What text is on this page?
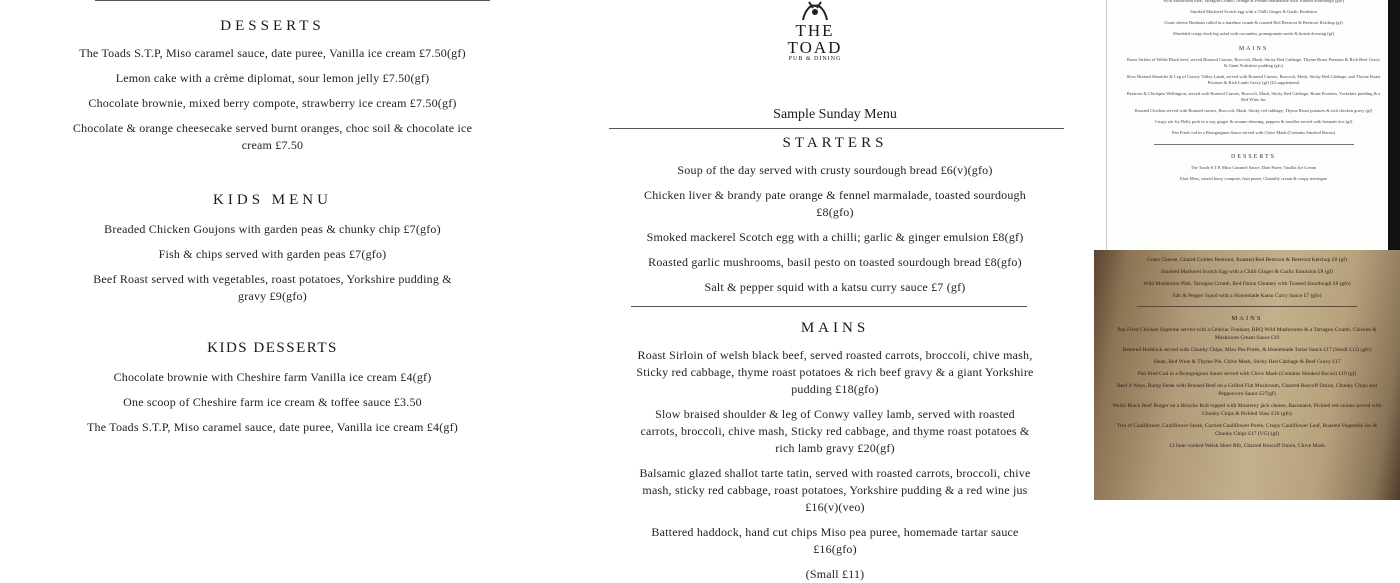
DESSERTS
The Toads S.T.P, Miso caramel sauce, date puree, Vanilla ice cream £7.50(gf)
Lemon cake with a crème diplomat, sour lemon jelly £7.50(gf)
Chocolate brownie, mixed berry compote, strawberry ice cream £7.50(gf)
Chocolate & orange cheesecake served burnt oranges, choc soil & chocolate ice cream £7.50
KIDS MENU
Breaded Chicken Goujons with garden peas & chunky chip £7(gfo)
Fish & chips served with garden peas £7(gfo)
Beef Roast served with vegetables, roast potatoes, Yorkshire pudding & gravy £9(gfo)
KIDS DESSERTS
Chocolate brownie with Cheshire farm Vanilla ice cream £4(gf)
One scoop of Cheshire farm ice cream & toffee sauce £3.50
The Toads S.T.P, Miso caramel sauce, date puree, Vanilla ice cream £4(gf)
THE TOAD
PUB & DINING
Sample Sunday Menu
STARTERS
Soup of the day served with crusty sourdough bread £6(v)(gfo)
Chicken liver & brandy pate orange & fennel marmalade, toasted sourdough £8(gfo)
Smoked mackerel Scotch egg with a chilli; garlic & ginger emulsion £8(gf)
Roasted garlic mushrooms, basil pesto on toasted sourdough bread £8(gfo)
Salt & pepper squid with a katsu curry sauce £7 (gf)
MAINS
Roast Sirloin of welsh black beef, served roasted carrots, broccoli, chive mash, Sticky red cabbage, thyme roast potatoes & rich beef gravy & a giant Yorkshire pudding £18(gfo)
Slow braised shoulder & leg of Conwy valley lamb, served with roasted carrots, broccoli, chive mash, Sticky red cabbage, and thyme roast potatoes & rich lamb gravy £20(gf)
Balsamic glazed shallot tarte tatin, served with roasted carrots, broccoli, chive mash, sticky red cabbage, roast potatoes, Yorkshire pudding & a red wine jus £16(v)(veo)
Battered haddock, hand cut chips Miso pea puree, homemade tartar sauce £16(gfo)
(Small £11)
Wild Mushroom Pâté, Tarragon Crumb, Orange & Fennel Marmalade with Toasted Sourdough (gfo)
Smoked Mackerel Scotch egg with a Chilli Ginger & Garlic Emulsion
Goats cheese Bonbons rolled in a hazelnut crumb & roasted Red Beetroot & Beetroot Ketchup (gf)
Shredded crispy duck leg salad with cucumber, pomegranate seeds & hoisin dressing (gf)
MAINS
Roast Sirloin of Welsh Black beef, served Roasted Carrots, Broccoli, Mash, Sticky Red Cabbage, Thyme Roast Potatoes & Rich Beef Gravy & Giant Yorkshire pudding (gfo)
Slow Braised Shoulder & Leg of Conwy Valley Lamb, served with Roasted Carrots, Broccoli, Mash, Sticky Red Cabbage, and Thyme Roast Potatoes & Rich Lamb Gravy (gf) (£2 supplement)
Beetroot & Chickpea Wellington, served with Roasted Carrots, Broccoli, Mash, Sticky Red Cabbage, Roast Potatoes, Yorkshire pudding & a Red Wine Jus
Roasted Chicken served with Roasted carrots, Broccoli, Mash, Sticky red cabbage, Thyme Roast potatoes & rich chicken gravy (gf)
Crispy stir fry Belly pork in a soy, ginger & sesame dressing, peppers & noodles served with basmati rice (gf)
Pan Fried cod in a Bourguignon Sauce served with Chive Mash (Contains Smoked Bacon)
DESSERTS
The Toads S.T.P, Miso Caramel Sauce, Date Puree, Vanilla Ice Cream
Eton Mess, mixed berry compote, fruit puree, Chantilly cream & crispy meringue
Goats Cheese, Glazed Golden Beetroot, Roasted Red Beetroot & Beetroot Ketchup £8 (gf)
Smoked Mackerel Scotch Egg with a Chilli Ginger & Garlic Emulsion £8 (gf)
Wild Mushroom Pâté, Tarragon Crumb, Red Onion Chutney with Toasted Sourdough £8 (gfo)
Salt & Pepper Squid with a Homemade Katsu Curry Sauce £7 (gfo)
MAINS
Pan Fried Chicken Supreme served with a Celeriac Fondant, BBQ Wild Mushrooms & a Tarragon Crumb, Chicken & Mushroom Cream Sauce £19
Battered Haddock served with Chunky Chips, Miso Pea Purée, & Homemade Tartar Sauce £17 (Small £12) (gfo)
Steak, Red Wine & Thyme Pie, Chive Mash, Sticky Red Cabbage & Beef Gravy £17
Pan fried Cod in a Bourguignon Sauce served with Chive Mash (Contains Smoked Bacon) £19 (gf)
Beef 4 Ways, Rump Steak with Braised Beef on a Grilled Flat Mushroom, Charred Roscoff Onion, Chunky Chips and Peppercorn Sauce £27(gf)
Welsh Black Beef Burger on a Brioche Roll topped with Monterey jack cheese, Baconaise, Pickled red onions served with Chunky Chips & Pickled Slaw £16 (gfo)
Trio of Cauliflower, Cauliflower Steak, Curried Cauliflower Purée, Crispy Cauliflower Leaf, Roasted Vegetable Jus & Chunky Chips £17 (VG) (gf)
12 hour cooked Welsh Short Rib, Charred Roscoff Onion, Chive Mash
